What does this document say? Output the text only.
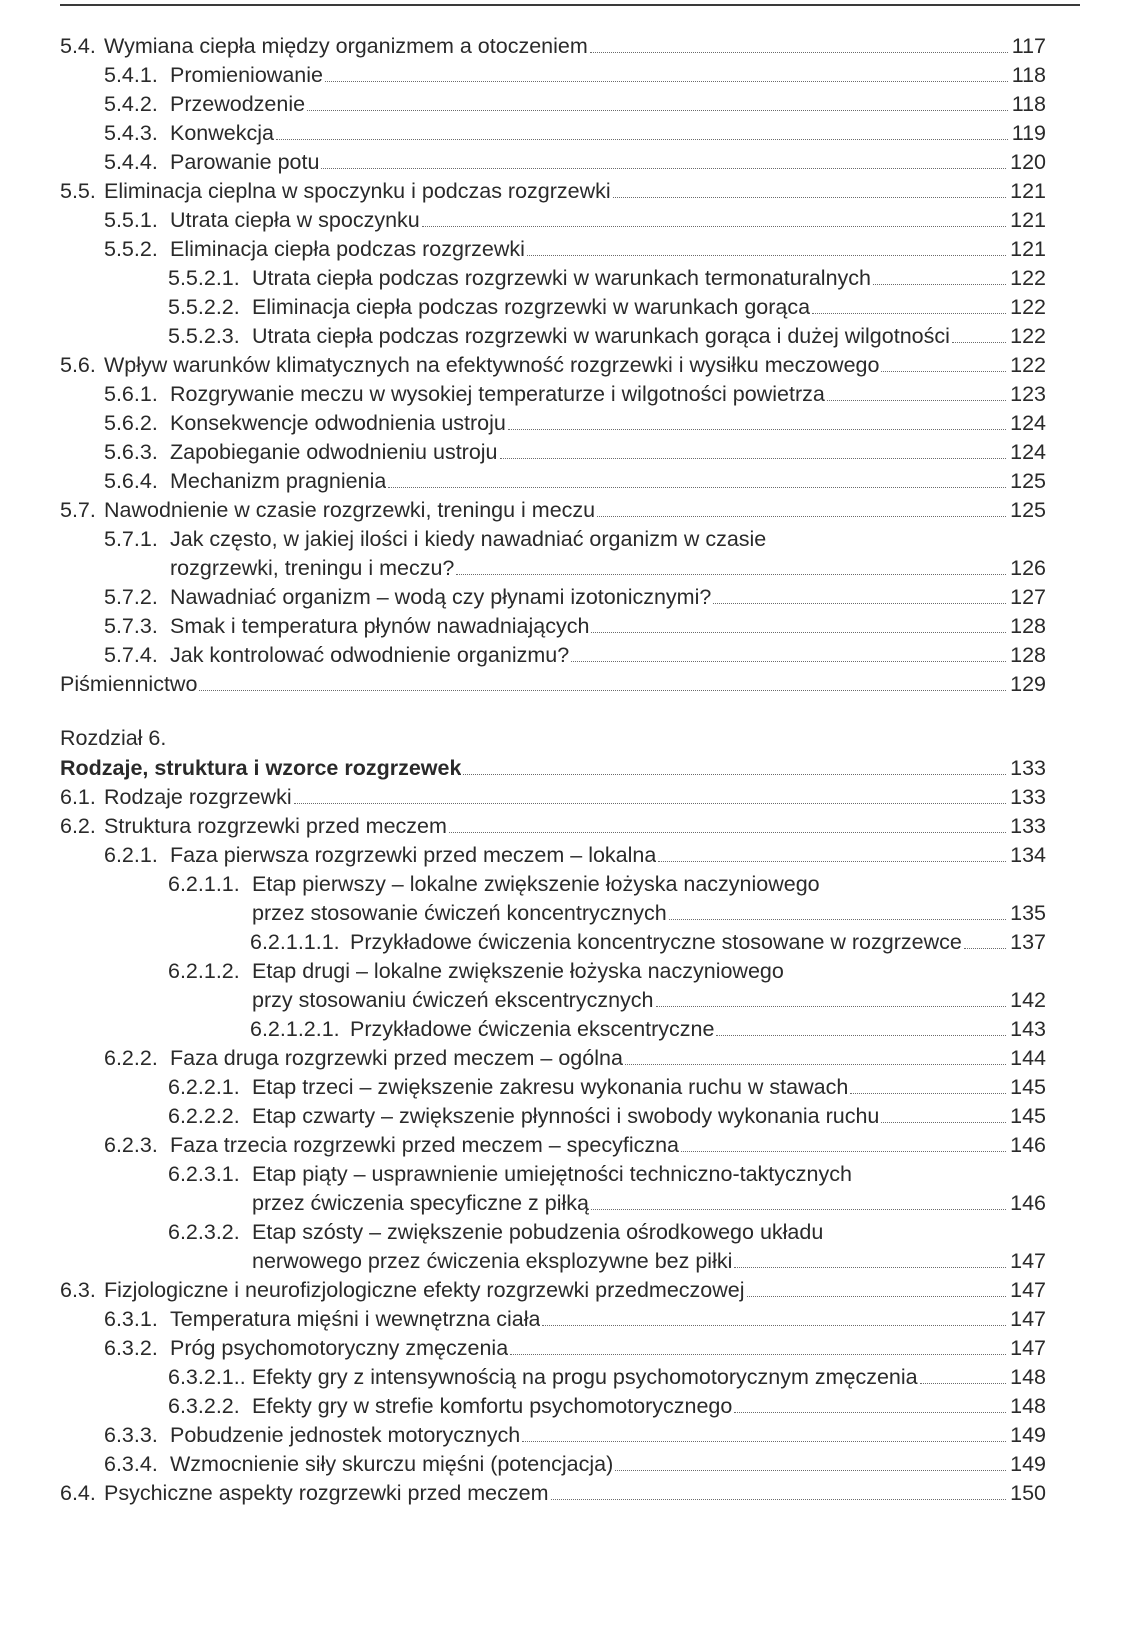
5.4. Wymiana ciepła między organizmem a otoczeniem	117
5.4.1. Promieniowanie	118
5.4.2. Przewodzenie	118
5.4.3. Konwekcja	119
5.4.4. Parowanie potu	120
5.5. Eliminacja cieplna w spoczynku i podczas rozgrzewki	121
5.5.1. Utrata ciepła w spoczynku	121
5.5.2. Eliminacja ciepła podczas rozgrzewki	121
5.5.2.1. Utrata ciepła podczas rozgrzewki w warunkach termonaturalnych	122
5.5.2.2. Eliminacja ciepła podczas rozgrzewki w warunkach gorąca	122
5.5.2.3. Utrata ciepła podczas rozgrzewki w warunkach gorąca i dużej wilgotności	122
5.6. Wpływ warunków klimatycznych na efektywność rozgrzewki i wysiłku meczowego	122
5.6.1. Rozgrywanie meczu w wysokiej temperaturze i wilgotności powietrza	123
5.6.2. Konsekwencje odwodnienia ustroju	124
5.6.3. Zapobieganie odwodnieniu ustroju	124
5.6.4. Mechanizm pragnienia	125
5.7. Nawodnienie w czasie rozgrzewki, treningu i meczu	125
5.7.1. Jak często, w jakiej ilości i kiedy nawadniać organizm w czasie
rozgrzewki, treningu i meczu?	126
5.7.2. Nawadniać organizm – wodą czy płynami izotonicznymi?	127
5.7.3. Smak i temperatura płynów nawadniających	128
5.7.4. Jak kontrolować odwodnienie organizmu?	128
Piśmiennictwo	129
Rozdział 6.
Rodzaje, struktura i wzorce rozgrzewek	133
6.1. Rodzaje rozgrzewki	133
6.2. Struktura rozgrzewki przed meczem	133
6.2.1. Faza pierwsza rozgrzewki przed meczem – lokalna	134
6.2.1.1. Etap pierwszy – lokalne zwiększenie łożyska naczyniowego
przez stosowanie ćwiczeń koncentrycznych	135
6.2.1.1.1. Przykładowe ćwiczenia koncentryczne stosowane w rozgrzewce 137
6.2.1.2. Etap drugi – lokalne zwiększenie łożyska naczyniowego
przy stosowaniu ćwiczeń ekscentrycznych	142
6.2.1.2.1. Przykładowe ćwiczenia ekscentryczne	143
6.2.2. Faza druga rozgrzewki przed meczem – ogólna	144
6.2.2.1. Etap trzeci – zwiększenie zakresu wykonania ruchu w stawach	145
6.2.2.2. Etap czwarty – zwiększenie płynności i swobody wykonania ruchu	145
6.2.3. Faza trzecia rozgrzewki przed meczem – specyficzna	146
6.2.3.1. Etap piąty – usprawnienie umiejętności techniczno-taktycznych
przez ćwiczenia specyficzne z piłką	146
6.2.3.2. Etap szósty – zwiększenie pobudzenia ośrodkowego układu
nerwowego przez ćwiczenia eksplozywne bez piłki	147
6.3. Fizjologiczne i neurofizjologiczne efekty rozgrzewki przedmeczowej	147
6.3.1. Temperatura mięśni i wewnętrzna ciała	147
6.3.2. Próg psychomotoryczny zmęczenia	147
6.3.2.1.. Efekty gry z intensywnością na progu psychomotorycznym zmęczenia	148
6.3.2.2. Efekty gry w strefie komfortu psychomotorycznego	148
6.3.3. Pobudzenie jednostek motorycznych	149
6.3.4. Wzmocnienie siły skurczu mięśni (potencjacja)	149
6.4. Psychiczne aspekty rozgrzewki przed meczem	150
